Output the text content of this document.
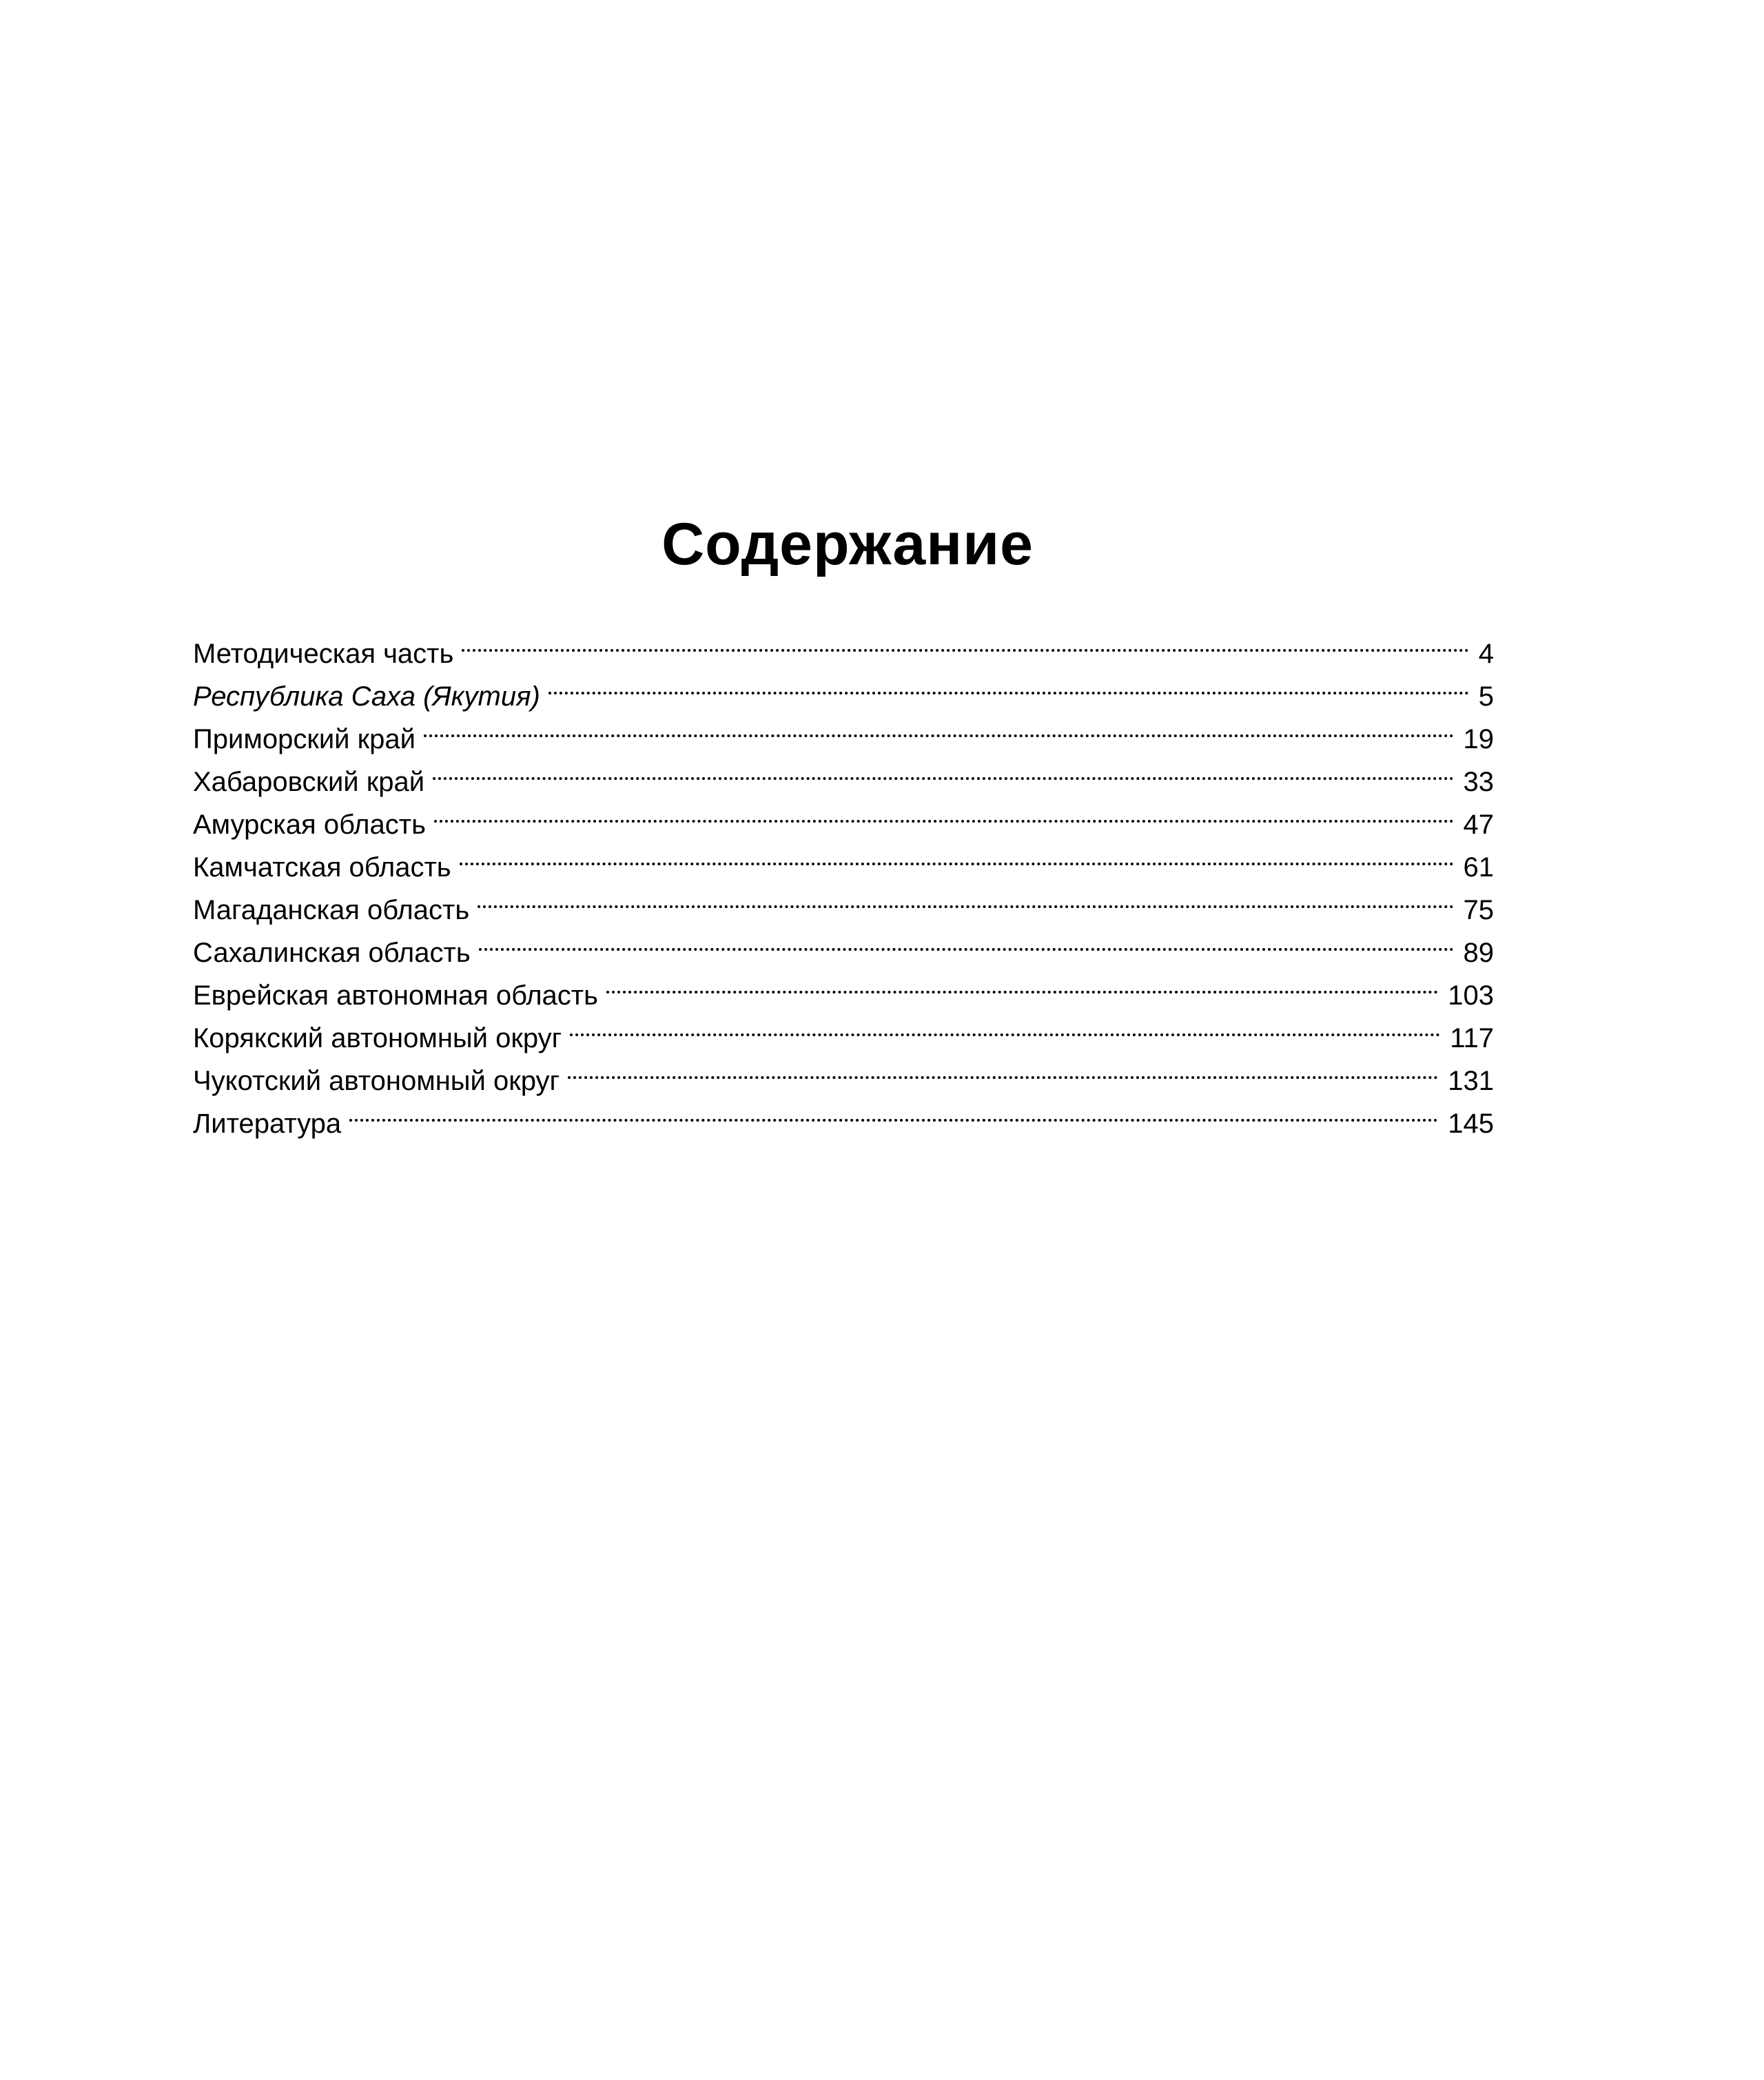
Содержание
Методическая часть	4
Республика Саха (Якутия)	5
Приморский край	19
Хабаровский край	33
Амурская область	47
Камчатская область	61
Магаданская область	75
Сахалинская область	89
Еврейская автономная область	103
Корякский автономный округ	117
Чукотский автономный округ	131
Литература	145
